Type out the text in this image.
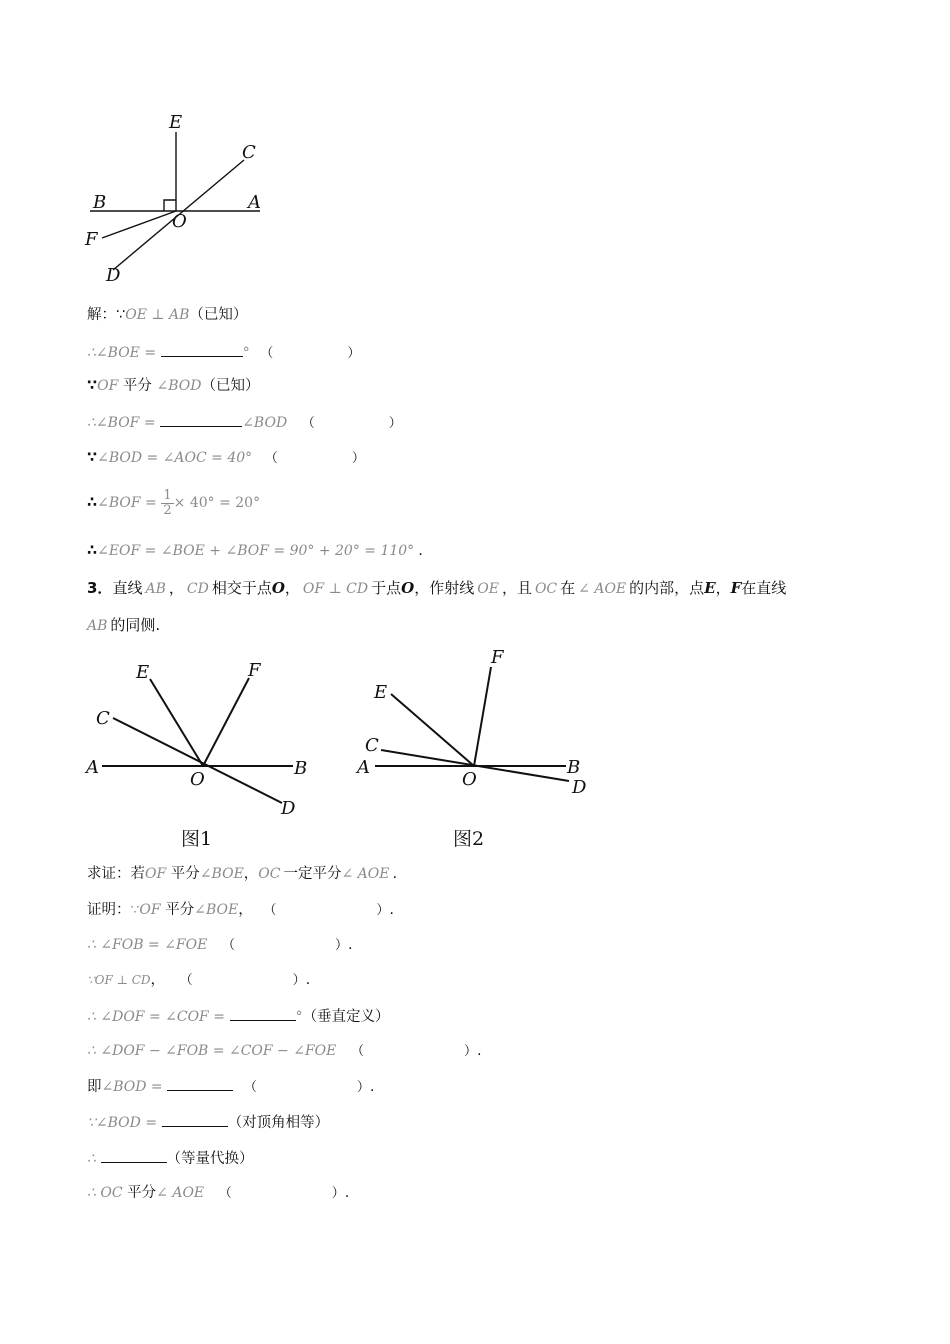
E
C
B	A
O
F
D
解：∵OE ⊥ AB（已知）
∴∠BOE =	° （	）
∵OF 平分 ∠BOD（已知）
∴∠BOF =	∠BOD （	）
∵∠BOD = ∠AOC = 40° （	）
∴∠BOF = $\frac{1}{2} \times 40^\circ = 20^\circ$
∴∠EOF = ∠BOE + ∠BOF = 90° + 20° = 110° .
3．直线 AB ， CD 相交于点O， OF ⊥ CD 于点O，作射线 OE ，且 OC 在 ∠ AOE 的内部，点E，F在直线
AB 的同侧.
E	F
C
A
O
B
D
图1
F
E
C
A
O
B
D
图2
求证：若OF 平分∠BOE，OC 一定平分∠ AOE .
证明：∵OF 平分∠BOE， （	）.
∴ ∠FOB = ∠FOE （	）.
∵OF ⊥ CD， （	）.
∴ ∠DOF = ∠COF =	°（垂直定义）
∴ ∠DOF − ∠FOB = ∠COF − ∠FOE （	）.
即∠BOD =	（	）.
∵∠BOD =	（对顶角相等）
∴	（等量代换）
∴ OC 平分∠ AOE （	）.
